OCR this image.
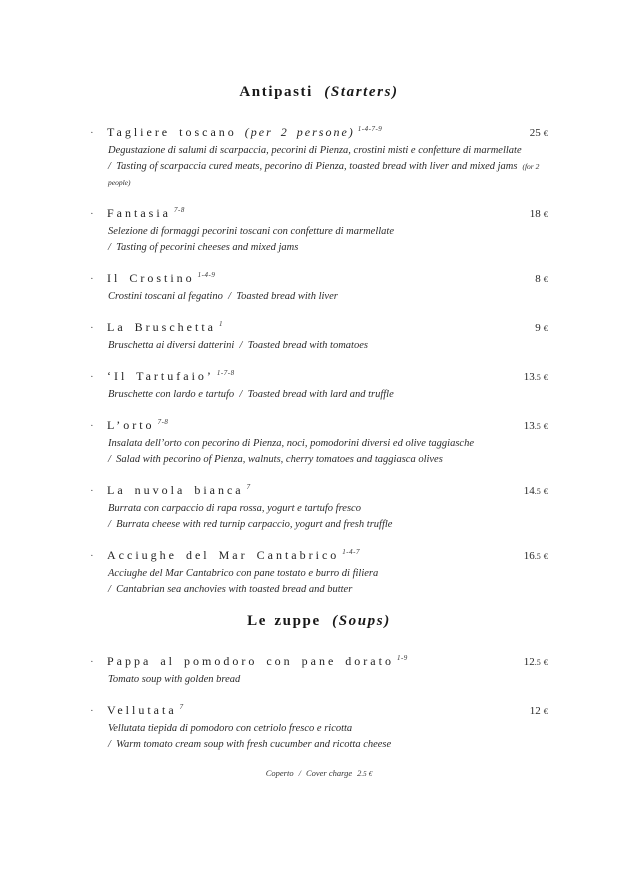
Antipasti (Starters)
·	Tagliere toscano (per 2 persone) $^{1-4-7-9}$	25 €
Degustazione di salumi di scarpaccia, pecorini di Pienza, crostini misti e confetture di marmellate
/  Tasting of scarpaccia cured meats, pecorino di Pienza, toasted bread with liver and mixed jams (for 2 people)
·	Fantasia $^{7-8}$	18 €
Selezione di formaggi pecorini toscani con confetture di marmellate
/  Tasting of pecorini cheeses and mixed jams
·	Il Crostino $^{1-4-9}$	8 €
Crostini toscani al fegatino  /  Toasted bread with liver
·	La Bruschetta $^1$	9 €
Bruschetta ai diversi datterini  /  Toasted bread with tomatoes
·	‘Il Tartufaio’ $^{1-7-8}$	13.5 €
Bruschette con lardo e tartufo  /  Toasted bread with lard and truffle
·	L’orto $^{7-8}$	13.5 €
Insalata dell’orto con pecorino di Pienza, noci, pomodorini diversi ed olive taggiasche
/  Salad with pecorino of Pienza, walnuts, cherry tomatoes and taggiasca olives
·	La nuvola bianca $^7$	14.5 €
Burrata con carpaccio di rapa rossa, yogurt e tartufo fresco
/  Burrata cheese with red turnip carpaccio, yogurt and fresh truffle
·	Acciughe del Mar Cantabrico $^{1-4-7}$	16.5 €
Acciughe del Mar Cantabrico con pane tostato e burro di filiera
/  Cantabrian sea anchovies with toasted bread and butter
Le zuppe (Soups)
·	Pappa al pomodoro con pane dorato $^{1-9}$	12.5 €
Tomato soup with golden bread
·	Vellutata $^7$	12 €
Vellutata tiepida di pomodoro con cetriolo fresco e ricotta
/  Warm tomato cream soup with fresh cucumber and ricotta cheese
Coperto / Cover charge 2.5 €
